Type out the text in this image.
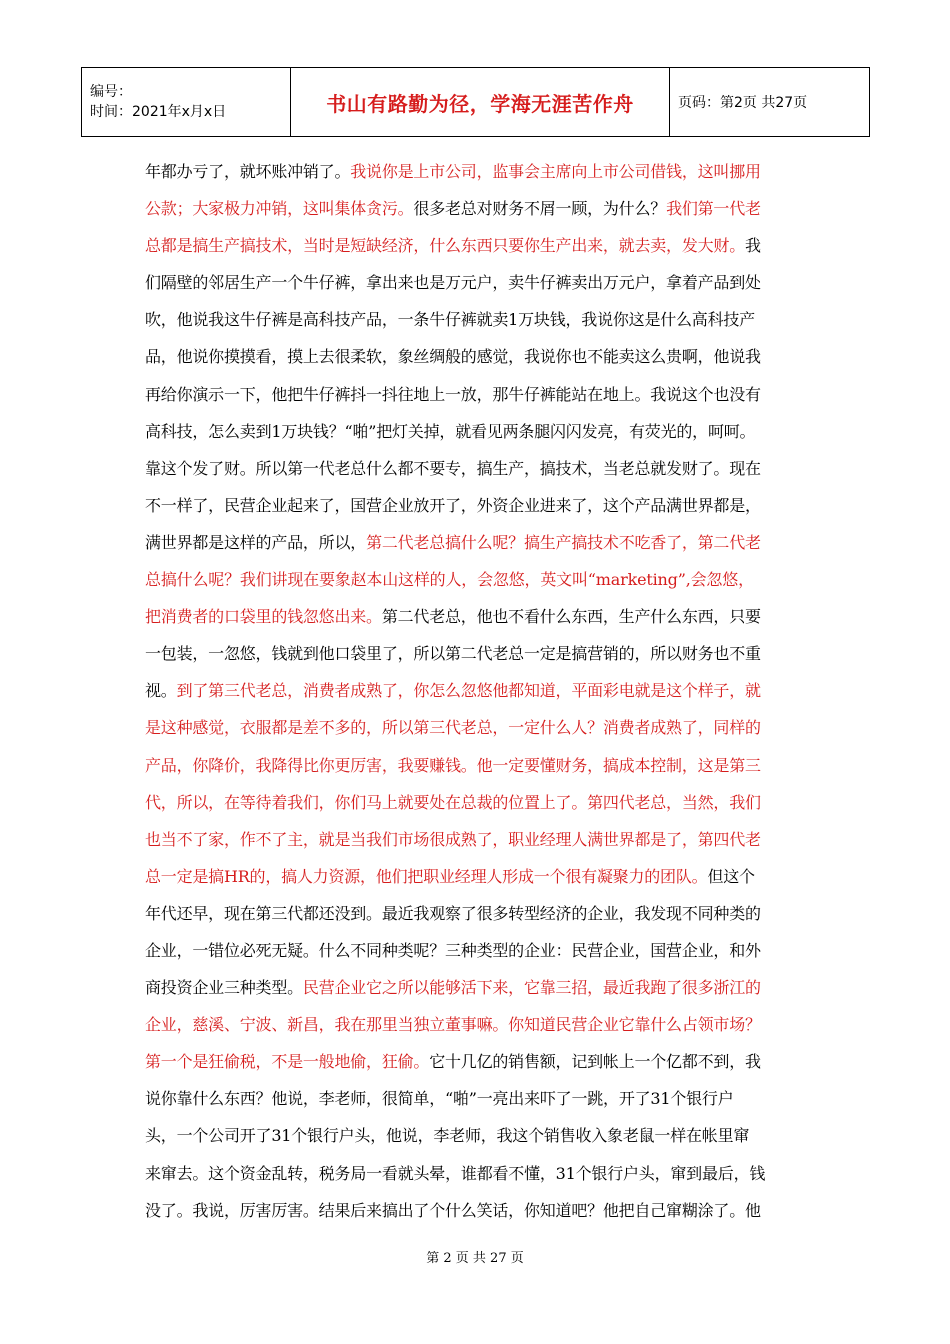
编号：
时间：2021年x月x日	书山有路勤为径，学海无涯苦作舟	页码：第2页 共27页
年都办亏了，就坏账冲销了。我说你是上市公司，监事会主席向上市公司借钱，这叫挪用
公款；大家极力冲销，这叫集体贪污。很多老总对财务不屑一顾，为什么？我们第一代老
总都是搞生产搞技术，当时是短缺经济，什么东西只要你生产出来，就去卖，发大财。我
们隔壁的邻居生产一个牛仔裤，拿出来也是万元户，卖牛仔裤卖出万元户，拿着产品到处
吹，他说我这牛仔裤是高科技产品，一条牛仔裤就卖1万块钱，我说你这是什么高科技产
品，他说你摸摸看，摸上去很柔软，象丝绸般的感觉，我说你也不能卖这么贵啊，他说我
再给你演示一下，他把牛仔裤抖一抖往地上一放，那牛仔裤能站在地上。我说这个也没有
高科技，怎么卖到1万块钱？“啪”把灯关掉，就看见两条腿闪闪发亮，有荧光的，呵呵。
靠这个发了财。所以第一代老总什么都不要专，搞生产，搞技术，当老总就发财了。现在
不一样了，民营企业起来了，国营企业放开了，外资企业进来了，这个产品满世界都是，
满世界都是这样的产品，所以，第二代老总搞什么呢？搞生产搞技术不吃香了，第二代老
总搞什么呢？我们讲现在要象赵本山这样的人，会忽悠，英文叫“marketing”,会忽悠，
把消费者的口袋里的钱忽悠出来。第二代老总，他也不看什么东西，生产什么东西，只要
一包装，一忽悠，钱就到他口袋里了，所以第二代老总一定是搞营销的，所以财务也不重
视。到了第三代老总，消费者成熟了，你怎么忽悠他都知道，平面彩电就是这个样子，就
是这种感觉，衣服都是差不多的，所以第三代老总，一定什么人？消费者成熟了，同样的
产品，你降价，我降得比你更厉害，我要赚钱。他一定要懂财务，搞成本控制，这是第三
代，所以，在等待着我们，你们马上就要处在总裁的位置上了。第四代老总，当然，我们
也当不了家，作不了主，就是当我们市场很成熟了，职业经理人满世界都是了，第四代老
总一定是搞HR的，搞人力资源，他们把职业经理人形成一个很有凝聚力的团队。但这个
年代还早，现在第三代都还没到。最近我观察了很多转型经济的企业，我发现不同种类的
企业，一错位必死无疑。什么不同种类呢？三种类型的企业：民营企业，国营企业，和外
商投资企业三种类型。民营企业它之所以能够活下来，它靠三招，最近我跑了很多浙江的
企业，慈溪、宁波、新昌，我在那里当独立董事嘛。你知道民营企业它靠什么占领市场？
第一个是狂偷税，不是一般地偷，狂偷。它十几亿的销售额，记到帐上一个亿都不到，我
说你靠什么东西？他说，李老师，很简单，“啪”一亮出来吓了一跳，开了31个银行户
头，一个公司开了31个银行户头，他说，李老师，我这个销售收入象老鼠一样在帐里窜
来窜去。这个资金乱转，税务局一看就头晕，谁都看不懂，31个银行户头，窜到最后，钱
没了。我说，厉害厉害。结果后来搞出了个什么笑话，你知道吧？他把自己窜糊涂了。他
第 2 页 共 27 页
